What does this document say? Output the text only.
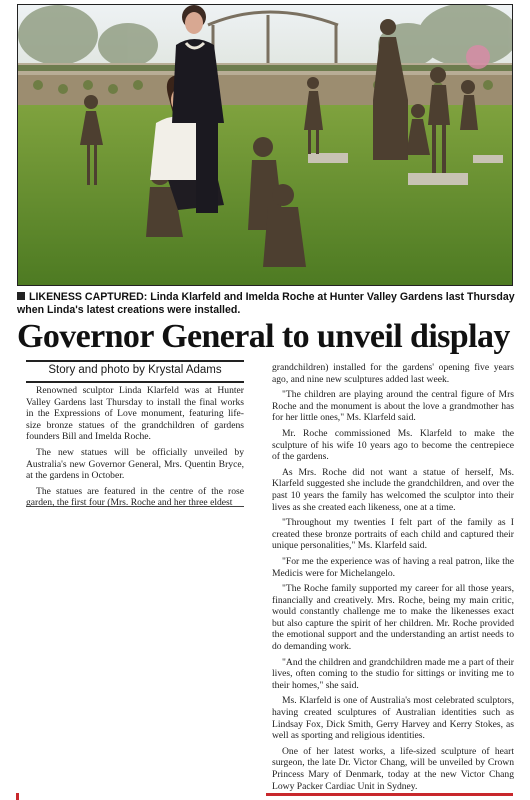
LIKENESS CAPTURED: Linda Klarfeld and Imelda Roche at Hunter Valley Gardens last Thursday when Linda's latest creations were installed.
Governor General to unveil display
Story and photo by Krystal Adams

Renowned sculptor Linda Klarfeld was at Hunter Valley Gardens last Thursday to install the final works in the Expressions of Love monument, featuring life-size bronze statues of the grandchildren of gardens founders Bill and Imelda Roche.

The new statues will be officially unveiled by Australia's new Governor General, Mrs. Quentin Bryce, at the gardens in October.

The statues are featured in the centre of the rose garden, the first four (Mrs. Roche and her three eldest

grandchildren) installed for the gardens' opening five years ago, and nine new sculptures added last week.

"The children are playing around the central figure of Mrs Roche and the monument is about the love a grandmother has for her little ones," Ms. Klarfeld said.

Mr. Roche commissioned Ms. Klarfeld to make the sculpture of his wife 10 years ago to become the centrepiece of the gardens.

As Mrs. Roche did not want a statue of herself, Ms. Klarfeld suggested she include the grandchildren, and over the past 10 years the family has welcomed the sculptor into their lives as she created each likeness, one at a time.

"Throughout my twenties I felt part of the family as I created these bronze portraits of each child and captured their unique personalities," Ms. Klarfeld said.

"For me the experience was of having a real patron, like the Medicis were for Michelangelo.

"The Roche family supported my career for all those years, financially and creatively. Mrs. Roche, being my main critic, would constantly challenge me to make the likenesses exact but also capture the spirit of her children. Mr. Roche provided the emotional support and the understanding an artist needs to do demanding work.

"And the children and grandchildren made me a part of their lives, often coming to the studio for sittings or inviting me to their homes," she said.

Ms. Klarfeld is one of Australia's most celebrated sculptors, having created sculptures of Australian identities such as Lindsay Fox, Dick Smith, Gerry Harvey and Kerry Stokes, as well as sporting and religious identities.

One of her latest works, a life-sized sculpture of heart surgeon, the late Dr. Victor Chang, will be unveiled by Crown Princess Mary of Denmark, today at the new Victor Chang Lowy Packer Cardiac Unit in Sydney.
